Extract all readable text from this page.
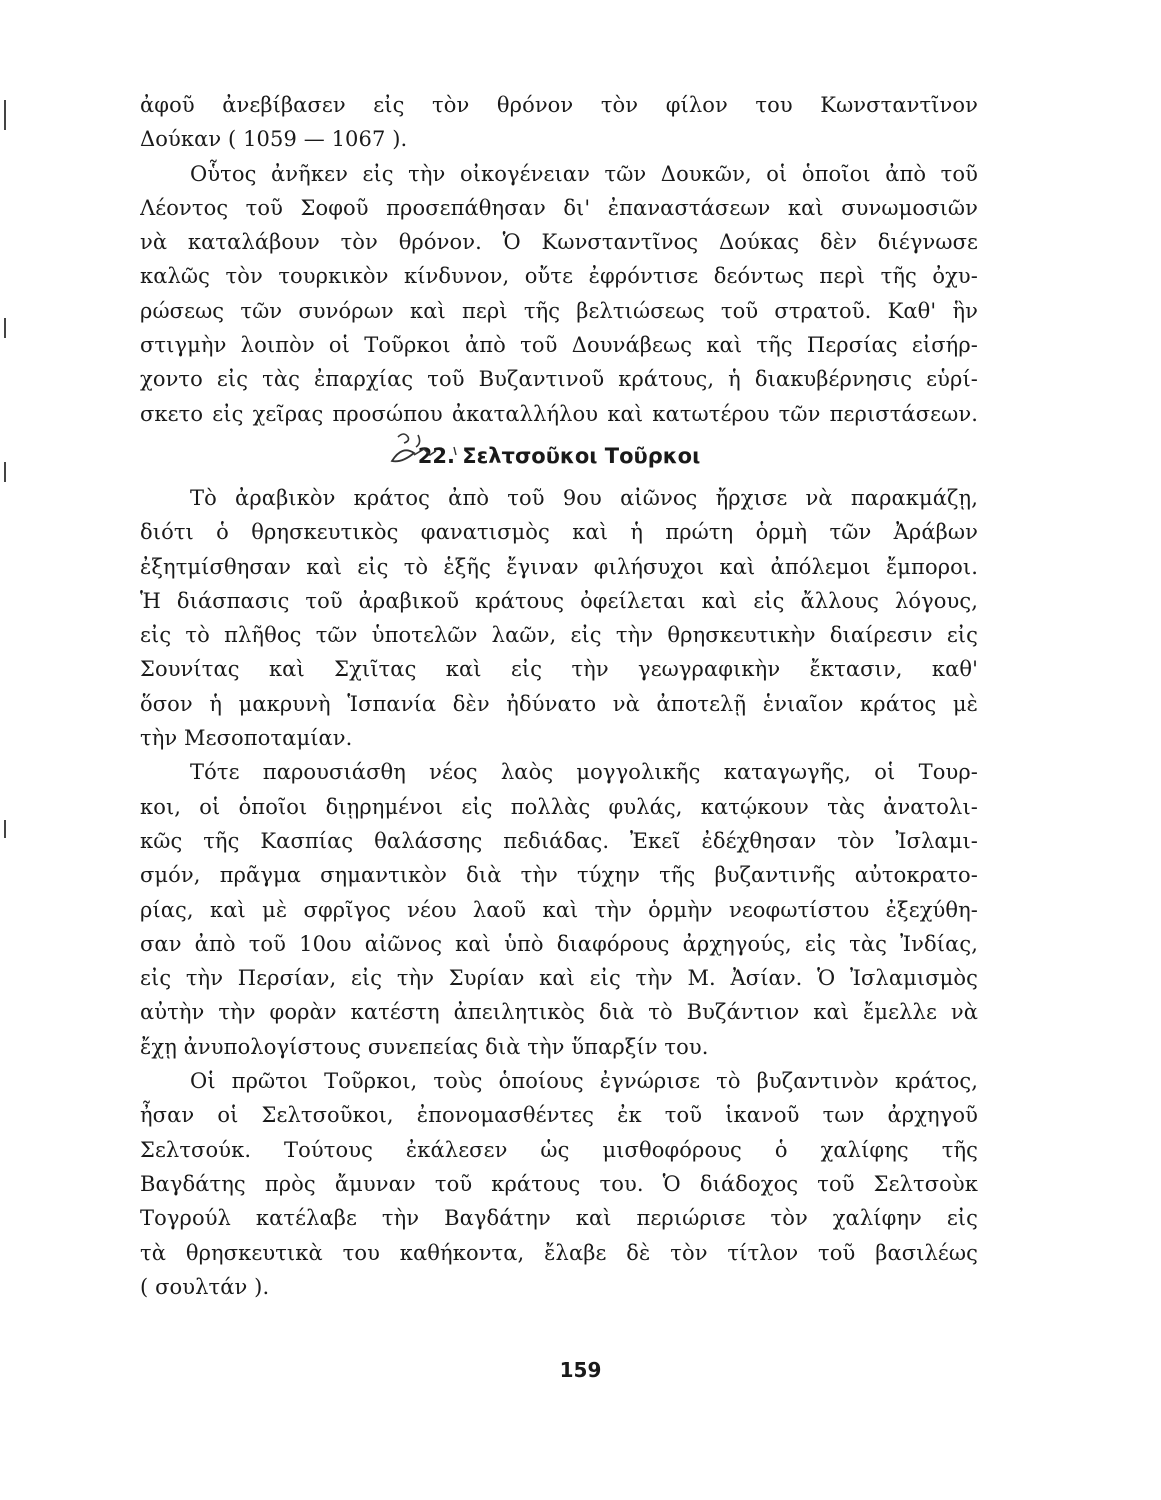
ἀφοῦ ἀνεβίβασεν εἰς τὸν θρόνον τὸν φίλον του Κωνσταντῖνον
Δούκαν ( 1059 — 1067 ).
Οὗτος ἀνῆκεν εἰς τὴν οἰκογένειαν τῶν Δουκῶν, οἱ ὁποῖοι ἀπὸ τοῦ
Λέοντος τοῦ Σοφοῦ προσεπάθησαν δι' ἐπαναστάσεων καὶ συνωμοσιῶν
νὰ καταλάβουν τὸν θρόνον. Ὁ Κωνσταντῖνος Δούκας δὲν διέγνωσε
καλῶς τὸν τουρκικὸν κίνδυνον, οὔτε ἐφρόντισε δεόντως περὶ τῆς ὀχυ-
ρώσεως τῶν συνόρων καὶ περὶ τῆς βελτιώσεως τοῦ στρατοῦ. Καθ' ἣν
στιγμὴν λοιπὸν οἱ Τοῦρκοι ἀπὸ τοῦ Δουνάβεως καὶ τῆς Περσίας εἰσήρ-
χοντο εἰς τὰς ἐπαρχίας τοῦ Βυζαντινοῦ κράτους, ἡ διακυβέρνησις εὑρί-
σκετο εἰς χεῖρας προσώπου ἀκαταλλήλου καὶ κατωτέρου τῶν περιστάσεων.
22. Σελτσοῦκοι Τοῦρκοι
Τὸ ἀραβικὸν κράτος ἀπὸ τοῦ 9ου αἰῶνος ἤρχισε νὰ παρακμάζῃ,
διότι ὁ θρησκευτικὸς φανατισμὸς καὶ ἡ πρώτη ὁρμὴ τῶν Ἀράβων
ἐξητμίσθησαν καὶ εἰς τὸ ἑξῆς ἔγιναν φιλήσυχοι καὶ ἀπόλεμοι ἔμποροι.
Ἡ διάσπασις τοῦ ἀραβικοῦ κράτους ὀφείλεται καὶ εἰς ἄλλους λόγους,
εἰς τὸ πλῆθος τῶν ὑποτελῶν λαῶν, εἰς τὴν θρησκευτικὴν διαίρεσιν εἰς
Σουνίτας καὶ Σχιῖτας καὶ εἰς τὴν γεωγραφικὴν ἔκτασιν, καθ'
ὅσον ἡ μακρυνὴ Ἱσπανία δὲν ἠδύνατο νὰ ἀποτελῇ ἑνιαῖον κράτος μὲ
τὴν Μεσοποταμίαν.
Τότε παρουσιάσθη νέος λαὸς μογγολικῆς καταγωγῆς, οἱ Τουρ-
κοι, οἱ ὁποῖοι διῃρημένοι εἰς πολλὰς φυλάς, κατῴκουν τὰς ἀνατολι-
κῶς τῆς Κασπίας θαλάσσης πεδιάδας. Ἐκεῖ ἐδέχθησαν τὸν Ἰσλαμι-
σμόν, πρᾶγμα σημαντικὸν διὰ τὴν τύχην τῆς βυζαντινῆς αὐτοκρατο-
ρίας, καὶ μὲ σφρῖγος νέου λαοῦ καὶ τὴν ὁρμὴν νεοφωτίστου ἐξεχύθη-
σαν ἀπὸ τοῦ 10ου αἰῶνος καὶ ὑπὸ διαφόρους ἀρχηγούς, εἰς τὰς Ἰνδίας,
εἰς τὴν Περσίαν, εἰς τὴν Συρίαν καὶ εἰς τὴν Μ. Ἀσίαν. Ὁ Ἰσλαμισμὸς
αὐτὴν τὴν φορὰν κατέστη ἀπειλητικὸς διὰ τὸ Βυζάντιον καὶ ἔμελλε νὰ
ἔχῃ ἀνυπολογίστους συνεπείας διὰ τὴν ὕπαρξίν του.
Οἱ πρῶτοι Τοῦρκοι, τοὺς ὁποίους ἐγνώρισε τὸ βυζαντινὸν κράτος,
ἦσαν οἱ Σελτσοῦκοι, ἐπονομασθέντες ἐκ τοῦ ἱκανοῦ των ἀρχηγοῦ
Σελτσούκ. Τούτους ἐκάλεσεν ὡς μισθοφόρους ὁ χαλίφης τῆς
Βαγδάτης πρὸς ἄμυναν τοῦ κράτους του. Ὁ διάδοχος τοῦ Σελτσοὺκ
Τογρούλ κατέλαβε τὴν Βαγδάτην καὶ περιώρισε τὸν χαλίφην εἰς
τὰ θρησκευτικὰ του καθήκοντα, ἔλαβε δὲ τὸν τίτλον τοῦ βασιλέως
( σουλτάν ).
159
